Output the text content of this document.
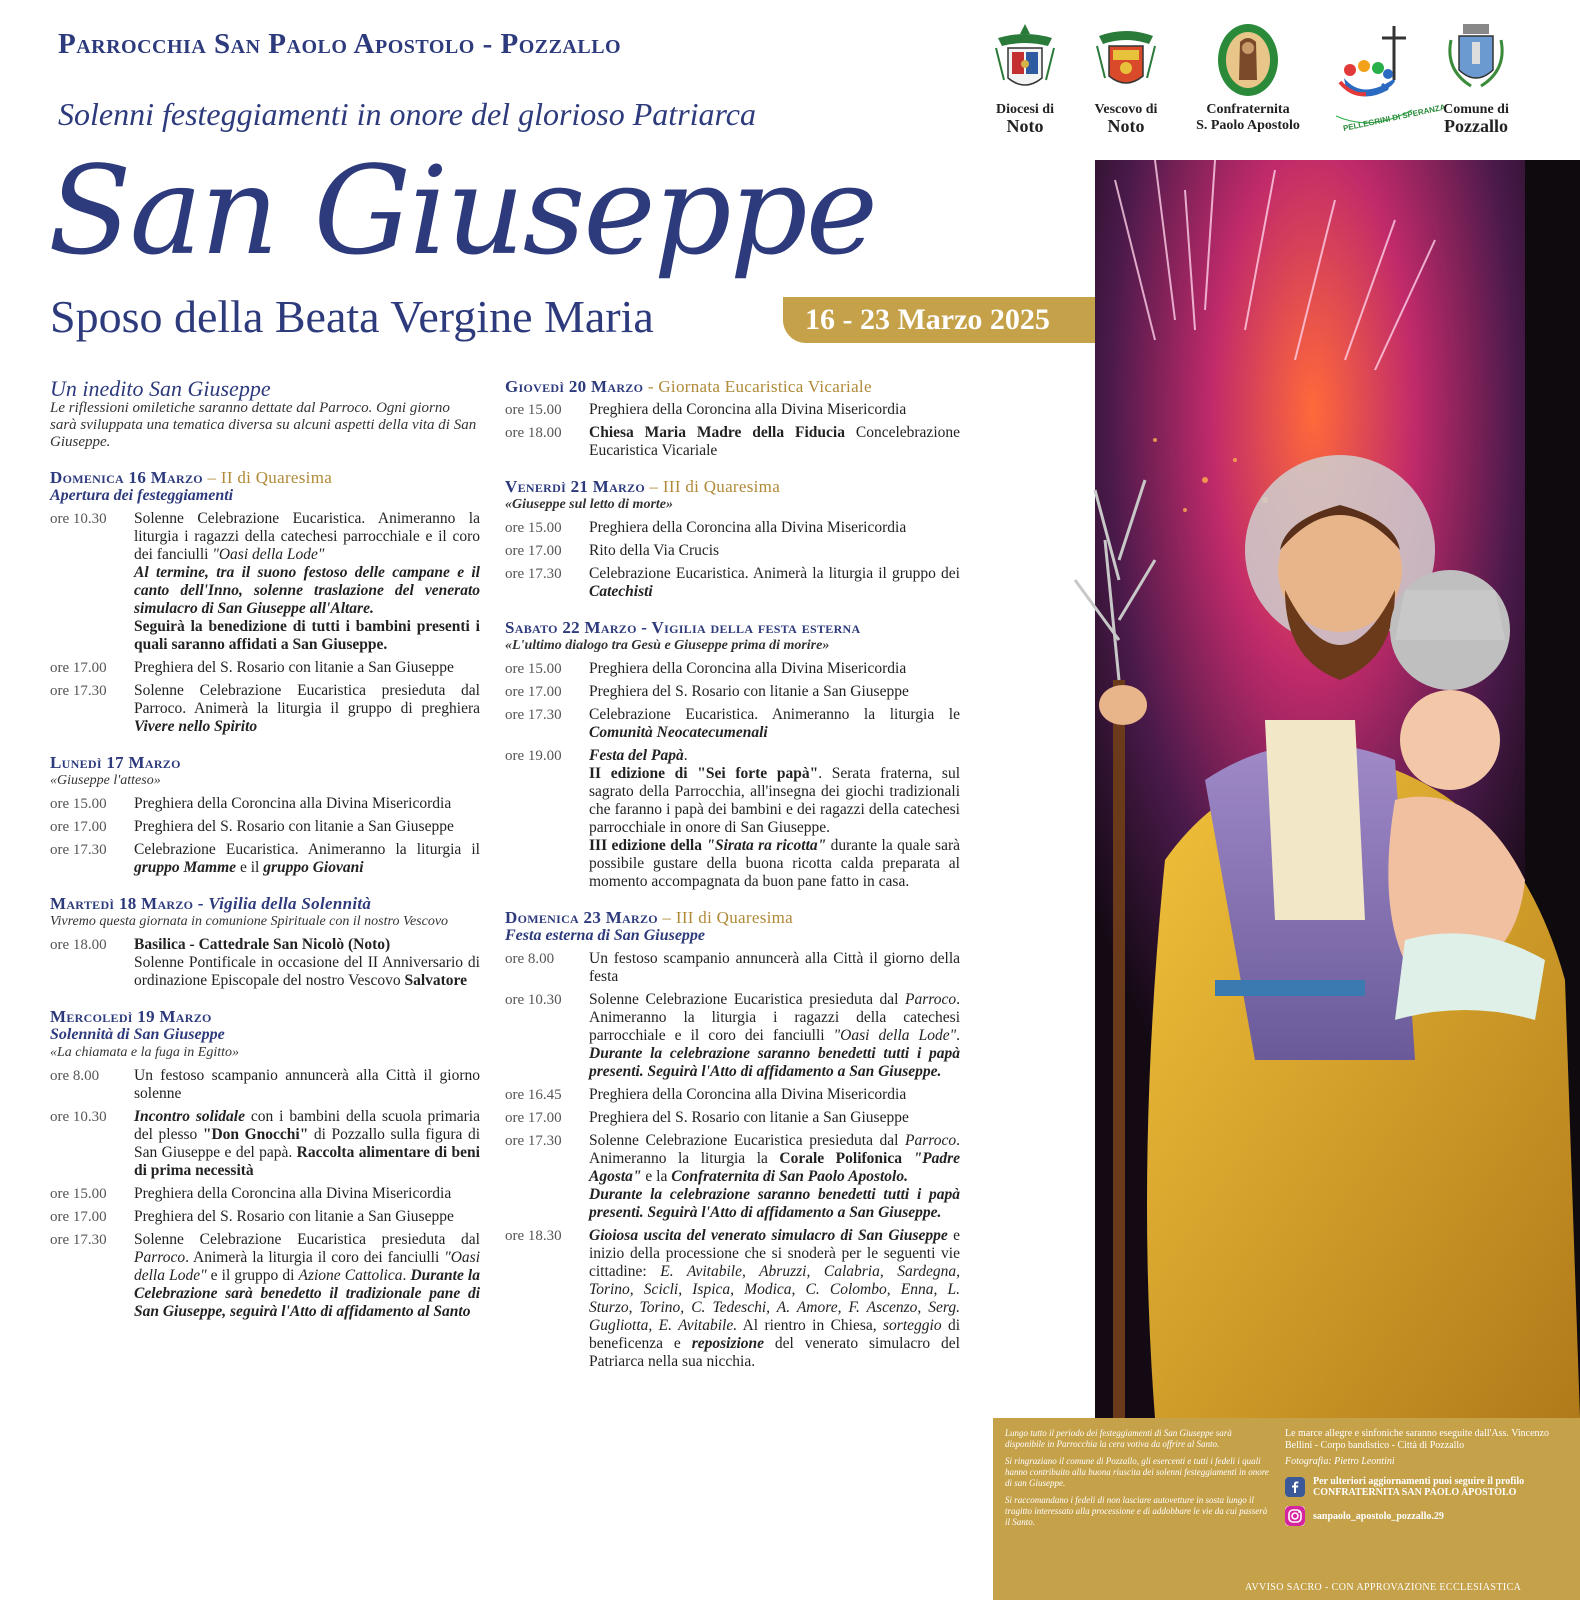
Parrocchia San Paolo Apostolo - Pozzallo
Solenni festeggiamenti in onore del glorioso Patriarca
San Giuseppe
Sposo della Beata Vergine Maria	16 - 23 Marzo 2025
Diocesi di
Noto
Vescovo di
Noto
Confraternita
S. Paolo Apostolo	PELLEGRINI DI SPERANZA
Comune di
Pozzallo
Un inedito San Giuseppe
Le riflessioni omiletiche saranno dettate dal Parroco. Ogni giorno sarà sviluppata una tematica diversa su alcuni aspetti della vita di San Giuseppe.
Domenica 16 Marzo – II di Quaresima
Apertura dei festeggiamenti
ore 10.30	Solenne Celebrazione Eucaristica. Animeranno la liturgia i ragazzi della catechesi parrocchiale e il coro dei fanciulli "Oasi della Lode"
Al termine, tra il suono festoso delle campane e il canto dell'Inno, solenne traslazione del venerato simulacro di San Giuseppe all'Altare.
Seguirà la benedizione di tutti i bambini presenti i quali saranno affidati a San Giuseppe.
ore 17.00	Preghiera del S. Rosario con litanie a San Giuseppe
ore 17.30	Solenne Celebrazione Eucaristica presieduta dal Parroco. Animerà la liturgia il gruppo di preghiera Vivere nello Spirito
Lunedì 17 Marzo
«Giuseppe l'atteso»
ore 15.00	Preghiera della Coroncina alla Divina Misericordia
ore 17.00	Preghiera del S. Rosario con litanie a San Giuseppe
ore 17.30	Celebrazione Eucaristica. Animeranno la liturgia il gruppo Mamme e il gruppo Giovani
Martedì 18 Marzo - Vigilia della Solennità
Vivremo questa giornata in comunione Spirituale con il nostro Vescovo
ore 18.00	Basilica - Cattedrale San Nicolò (Noto)
Solenne Pontificale in occasione del II Anniversario di ordinazione Episcopale del nostro Vescovo Salvatore
Mercoledì 19 Marzo
Solennità di San Giuseppe
«La chiamata e la fuga in Egitto»
ore 8.00	Un festoso scampanio annuncerà alla Città il giorno solenne
ore 10.30	Incontro solidale con i bambini della scuola primaria del plesso "Don Gnocchi" di Pozzallo sulla figura di San Giuseppe e del papà. Raccolta alimentare di beni di prima necessità
ore 15.00	Preghiera della Coroncina alla Divina Misericordia
ore 17.00	Preghiera del S. Rosario con litanie a San Giuseppe
ore 17.30	Solenne Celebrazione Eucaristica presieduta dal Parroco. Animerà la liturgia il coro dei fanciulli "Oasi della Lode" e il gruppo di Azione Cattolica. Durante la Celebrazione sarà benedetto il tradizionale pane di San Giuseppe, seguirà l'Atto di affidamento al Santo
Giovedì 20 Marzo - Giornata Eucaristica Vicariale
ore 15.00	Preghiera della Coroncina alla Divina Misericordia
ore 18.00	Chiesa Maria Madre della Fiducia Concelebrazione Eucaristica Vicariale
Venerdì 21 Marzo – III di Quaresima
«Giuseppe sul letto di morte»
ore 15.00	Preghiera della Coroncina alla Divina Misericordia
ore 17.00	Rito della Via Crucis
ore 17.30	Celebrazione Eucaristica. Animerà la liturgia il gruppo dei Catechisti
Sabato 22 Marzo - Vigilia della festa esterna
«L'ultimo dialogo tra Gesù e Giuseppe prima di morire»
ore 15.00	Preghiera della Coroncina alla Divina Misericordia
ore 17.00	Preghiera del S. Rosario con litanie a San Giuseppe
ore 17.30	Celebrazione Eucaristica. Animeranno la liturgia le Comunità Neocatecumenali
ore 19.00	Festa del Papà.
II edizione di "Sei forte papà". Serata fraterna, sul sagrato della Parrocchia, all'insegna dei giochi tradizionali che faranno i papà dei bambini e dei ragazzi della catechesi parrocchiale in onore di San Giuseppe.
III edizione della "Sirata ra ricotta" durante la quale sarà possibile gustare della buona ricotta calda preparata al momento accompagnata da buon pane fatto in casa.
Domenica 23 Marzo – III di Quaresima
Festa esterna di San Giuseppe
ore 8.00	Un festoso scampanio annuncerà alla Città il giorno della festa
ore 10.30	Solenne Celebrazione Eucaristica presieduta dal Parroco. Animeranno la liturgia i ragazzi della catechesi parrocchiale e il coro dei fanciulli "Oasi della Lode". Durante la celebrazione saranno benedetti tutti i papà presenti. Seguirà l'Atto di affidamento a San Giuseppe.
ore 16.45	Preghiera della Coroncina alla Divina Misericordia
ore 17.00	Preghiera del S. Rosario con litanie a San Giuseppe
ore 17.30	Solenne Celebrazione Eucaristica presieduta dal Parroco. Animeranno la liturgia la Corale Polifonica "Padre Agosta" e la Confraternita di San Paolo Apostolo.
Durante la celebrazione saranno benedetti tutti i papà presenti. Seguirà l'Atto di affidamento a San Giuseppe.
ore 18.30	Gioiosa uscita del venerato simulacro di San Giuseppe e inizio della processione che si snoderà per le seguenti vie cittadine: E. Avitabile, Abruzzi, Calabria, Sardegna, Torino, Scicli, Ispica, Modica, C. Colombo, Enna, L. Sturzo, Torino, C. Tedeschi, A. Amore, F. Ascenzo, Serg. Gugliotta, E. Avitabile. Al rientro in Chiesa, sorteggio di beneficenza e reposizione del venerato simulacro del Patriarca nella sua nicchia.

Lungo tutto il periodo dei festeggiamenti di San Giuseppe sarà disponibile in Parrocchia la cera votiva da offrire al Santo.

Si ringraziano il comune di Pozzallo, gli esercenti e tutti i fedeli i quali hanno contribuito alla buona riuscita dei solenni festeggiamenti in onore di san Giuseppe.

Si raccomandano i fedeli di non lasciare autovetture in sosta lungo il tragitto interessato alla processione e di addobbare le vie da cui passerà il Santo.

Le marce allegre e sinfoniche saranno eseguite dall'Ass. Vincenzo Bellini - Corpo bandistico - Città di Pozzallo

Fotografia: Pietro Leontini

Per ulteriori aggiornamenti puoi seguire il profilo CONFRATERNITA SAN PAOLO APOSTOLO
sanpaolo_apostolo_pozzallo.29
AVVISO SACRO - CON APPROVAZIONE ECCLESIASTICA
